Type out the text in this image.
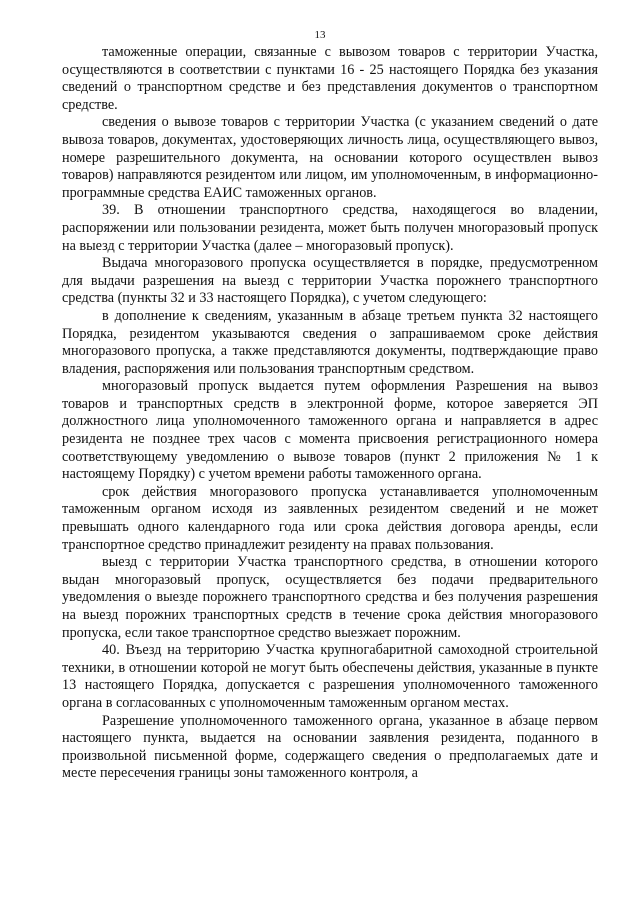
13

таможенные операции, связанные с вывозом товаров с территории Участка, осуществляются в соответствии с пунктами 16 - 25 настоящего Порядка без указания сведений о транспортном средстве и без представления документов о транспортном средстве.

сведения о вывозе товаров с территории Участка (с указанием сведений о дате вывоза товаров, документах, удостоверяющих личность лица, осуществляющего вывоз, номере разрешительного документа, на основании которого осуществлен вывоз товаров) направляются резидентом или лицом, им уполномоченным, в информационно-программные средства ЕАИС таможенных органов.

39. В отношении транспортного средства, находящегося во владении, распоряжении или пользовании резидента, может быть получен многоразовый пропуск на выезд с территории Участка (далее – многоразовый пропуск).

Выдача многоразового пропуска осуществляется в порядке, предусмотренном для выдачи разрешения на выезд с территории Участка порожнего транспортного средства (пункты 32 и 33 настоящего Порядка), с учетом следующего:

в дополнение к сведениям, указанным в абзаце третьем пункта 32 настоящего Порядка, резидентом указываются сведения о запрашиваемом сроке действия многоразового пропуска, а также представляются документы, подтверждающие право владения, распоряжения или пользования транспортным средством.

многоразовый пропуск выдается путем оформления Разрешения на вывоз товаров и транспортных средств в электронной форме, которое заверяется ЭП должностного лица уполномоченного таможенного органа и направляется в адрес резидента не позднее трех часов с момента присвоения регистрационного номера соответствующему уведомлению о вывозе товаров (пункт 2 приложения № 1 к настоящему Порядку) с учетом времени работы таможенного органа.

срок действия многоразового пропуска устанавливается уполномоченным таможенным органом исходя из заявленных резидентом сведений и не может превышать одного календарного года или срока действия договора аренды, если транспортное средство принадлежит резиденту на правах пользования.

выезд с территории Участка транспортного средства, в отношении которого выдан многоразовый пропуск, осуществляется без подачи предварительного уведомления о выезде порожнего транспортного средства и без получения разрешения на выезд порожних транспортных средств в течение срока действия многоразового пропуска, если такое транспортное средство выезжает порожним.

40. Въезд на территорию Участка крупногабаритной самоходной строительной техники, в отношении которой не могут быть обеспечены действия, указанные в пункте 13 настоящего Порядка, допускается с разрешения уполномоченного таможенного органа в согласованных с уполномоченным таможенным органом местах.

Разрешение уполномоченного таможенного органа, указанное в абзаце первом настоящего пункта, выдается на основании заявления резидента, поданного в произвольной письменной форме, содержащего сведения о предполагаемых дате и месте пересечения границы зоны таможенного контроля, а
